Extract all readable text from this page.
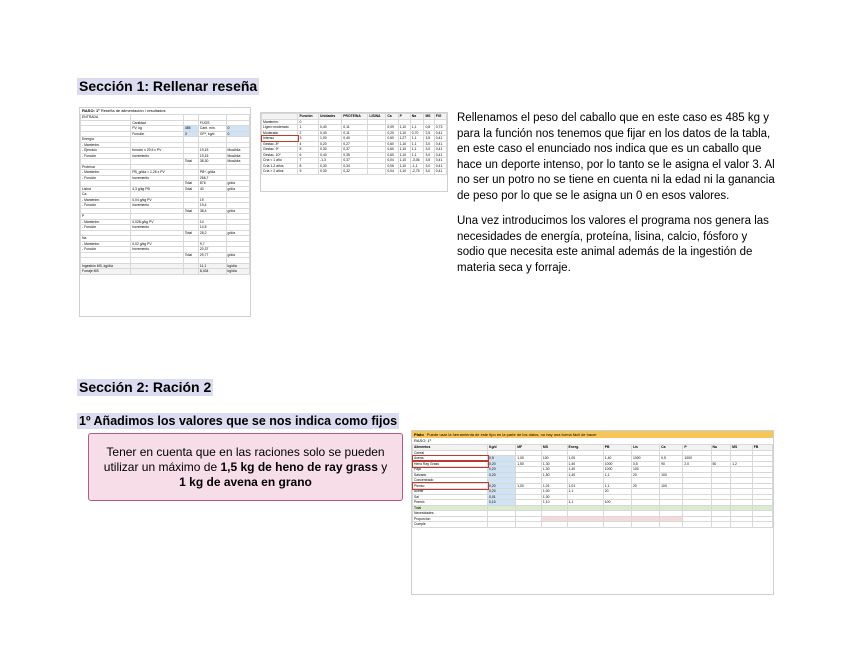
Sección 1: Rellenar reseña
RASO: 1º Reseña de alimentación / resultados
ENTRADA				
	Cantidad		FIJOS	
	PV, kg	485	Cant. mín.	0
	Función	3	GP*, kg/d	0
Energía				
- Mantenim.				
- Ejercicio	función x 29,5 x PV		19,15	Mcal/día
- Función	incremento		19,15	Mcal/día
		Total	38,30	Mcal/día
Proteína				
- Mantenim.	PB_g/día = 1,26 x PV		PB*, g/día	
- Función	incremento		266,7	
		Total	876	g/día
Lisina	4,3 g/kg PB	Total	40	g/día
Ca				
- Mantenim.	0,04 g/kg PV		19	
- Función	incremento		19,4	
		Total	38,4	g/día
P				
- Mantenim.	0,028 g/kg PV		14	
- Función	incremento		14,5	
		Total	28,2	g/día
Na				
- Mantenim.	0,02 g/kg PV		9,7	
- Función	incremento		20,37	
		Total	29,77	g/día

Ingestión MS, kg/día			11,1	kg/día
Forraje MS			8,434	kg/día
	Función	Unidades	PROTEÍNA	LISINA	Ca	P	Na	MS	FIG
Mantenim.	0								
Ligero moderado	1	0,40	0,11		0,09	1,10	1,1	0,8	0,73
Moderado	2	0,40	0,11		0,20	1,10	0,70	2,5	0,41
Intenso	3	1,00	0,40		0,60	1,27	1,1	3,5	0,41
Gestac. 8º	4	0,20	0,27		0,60	1,10	1,1	3,0	0,41
Gestac. 9º	5	0,30	0,37		0,60	1,10	1,1	3,0	0,41
Gestac. 10º	6	0,40	0,35		0,60	1,10	1,1	3,0	0,41
Cría < 1 año	7	-1,3	0,37		0,04	1,10	-3,06	3,5	0,41
Cría 1-2 años	8	0,30	0,34		0,06	1,10	-1,1	3,0	0,41
Cría > 2 años	9	0,30	0,32		0,04	1,10	-2,75	3,0	0,41

Rellenamos el peso del caballo que en este caso es 485 kg y para la función nos tenemos que fijar en los datos de la tabla, en este caso el enunciado nos indica que es un caballo que hace un deporte intenso, por lo tanto se le asigna el valor 3. Al no ser un potro no se tiene en cuenta ni la edad ni la ganancia de peso por lo que se le asigna un 0 en esos valores.

Una vez introducimos los valores el programa nos genera las necesidades de energía, proteína, lisina, calcio, fósforo y sodio que necesita este animal además de la ingestión de materia seca y forraje.

Sección 2: Ración 2
1º Añadimos los valores que se nos indica como fijos
Tener en cuenta que en las raciones solo se pueden utilizar un máximo de 1,5 kg de heno de ray grass y 1 kg de avena en grano
Plato Puede usar la herramienta de este tipo en la parte de los datos, no hay una forma fácil de hacer
RASO: 1º
Alimentos	Kg/d	MF	MS	Energ.	PB	Lis	Ca	P	Na	MS	FB
Cereal											
Avena	0,5	1,00	100	1,00	1,40	1000	0,5	1000			
Heno Ray Grass	0,20	1,50	1,30	1,40	1000	0,5	90	2,0	50	1,2	
Paja	0,20		1,30	1,40	1000	100					
Salvado	0,20		1,50	1,40	1,1	20	100				
Concentrado											
Pienso	0,20	1,00	1,01	1,01	1,1	20	100				
Aceite	0,20		1,00	1,1	20						
Sal	0,01		1,00								
Premix	0,10		1,10	1,1	100						
Total											
Necesidades											
Proporción											
Cumple											
